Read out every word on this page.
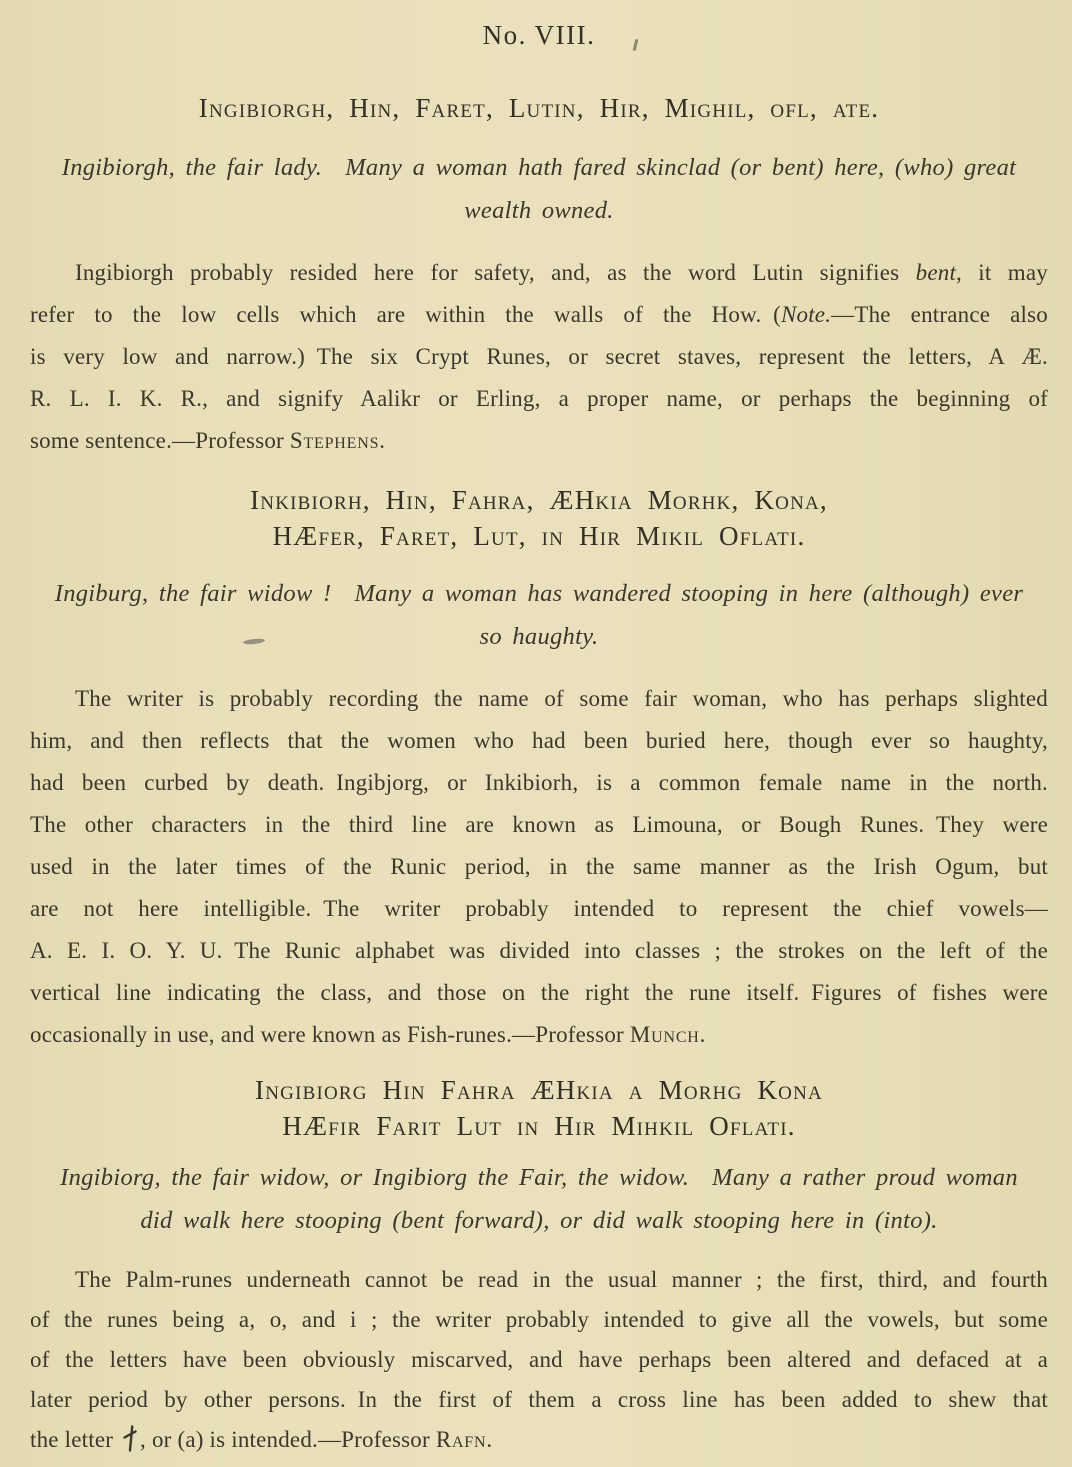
No. VIII.
Ingibiorgh, Hin, Faret, Lutin, Hir, Mighil, ofl, ate.
Ingibiorgh, the fair lady.  Many a woman hath fared skinclad (or bent) here, (who) great
wealth owned.
Ingibiorgh probably resided here for safety, and, as the word Lutin signifies bent, it may
refer to the low cells which are within the walls of the How. (Note.—The entrance also
is very low and narrow.) The six Crypt Runes, or secret staves, represent the letters, A Æ.
R. L. I. K. R., and signify Aalikr or Erling, a proper name, or perhaps the beginning of
some sentence.—Professor Stephens.
Inkibiorh, Hin, Fahra, ÆHkia Morhk, Kona,
HÆfer, Faret, Lut, in Hir Mikil Oflati.
Ingiburg, the fair widow !  Many a woman has wandered stooping in here (although) ever
so haughty.
The writer is probably recording the name of some fair woman, who has perhaps slighted
him, and then reflects that the women who had been buried here, though ever so haughty,
had been curbed by death. Ingibjorg, or Inkibiorh, is a common female name in the north.
The other characters in the third line are known as Limouna, or Bough Runes. They were
used in the later times of the Runic period, in the same manner as the Irish Ogum, but
are not here intelligible. The writer probably intended to represent the chief vowels—
A. E. I. O. Y. U. The Runic alphabet was divided into classes ; the strokes on the left of the
vertical line indicating the class, and those on the right the rune itself. Figures of fishes were
occasionally in use, and were known as Fish-runes.—Professor Munch.
Ingibiorg Hin Fahra ÆHkia a Morhg Kona
HÆfir Farit Lut in Hir Mihkil Oflati.
Ingibiorg, the fair widow, or Ingibiorg the Fair, the widow.  Many a rather proud woman
did walk here stooping (bent forward), or did walk stooping here in (into).
The Palm-runes underneath cannot be read in the usual manner ; the first, third, and fourth
of the runes being a, o, and i ; the writer probably intended to give all the vowels, but some
of the letters have been obviously miscarved, and have perhaps been altered and defaced at a
later period by other persons. In the first of them a cross line has been added to shew that
the letter , or (a) is intended.—Professor Rafn.
